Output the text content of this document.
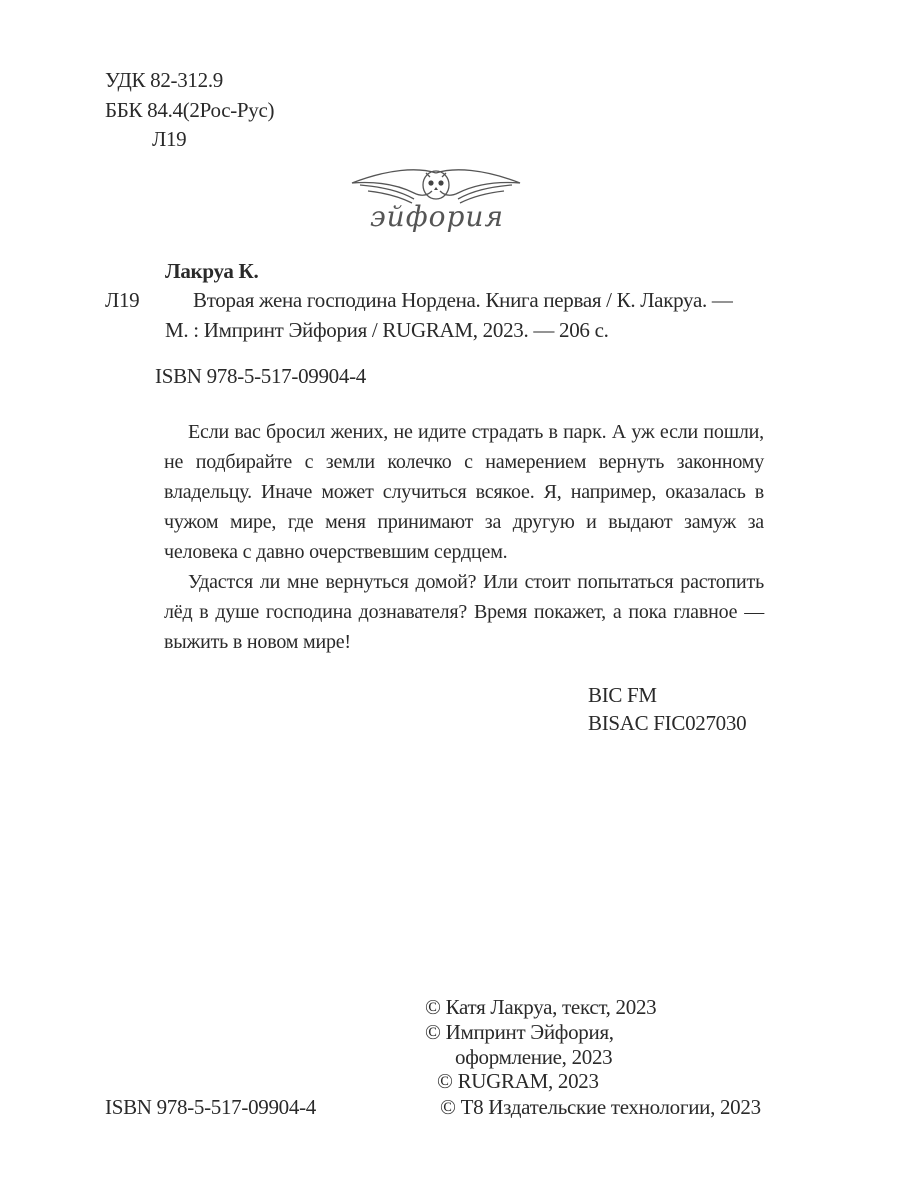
УДК 82-312.9
ББК 84.4(2Рос-Рус)
Л19
эйфория
Лакруа К.
Л19	Вторая жена господина Нордена. Книга первая / К. Лакруа. —
М. : Импринт Эйфория / RUGRAM, 2023. — 206 с.
ISBN 978-5-517-09904-4

Если вас бросил жених, не идите страдать в парк. А уж если пошли, не подбирайте с земли колечко с намерением вернуть законному владельцу. Иначе может случиться всякое. Я, например, оказалась в чужом мире, где меня принимают за другую и выдают замуж за человека с давно очерствевшим сердцем.

Удастся ли мне вернуться домой? Или стоит попытаться растопить лёд в душе господина дознавателя? Время покажет, а пока главное — выжить в новом мире!

BIC FM
BISAC FIC027030
ISBN 978-5-517-09904-4
© Катя Лакруа, текст, 2023
© Импринт Эйфория,
оформление, 2023
© RUGRAM, 2023
© Т8 Издательские технологии, 2023
